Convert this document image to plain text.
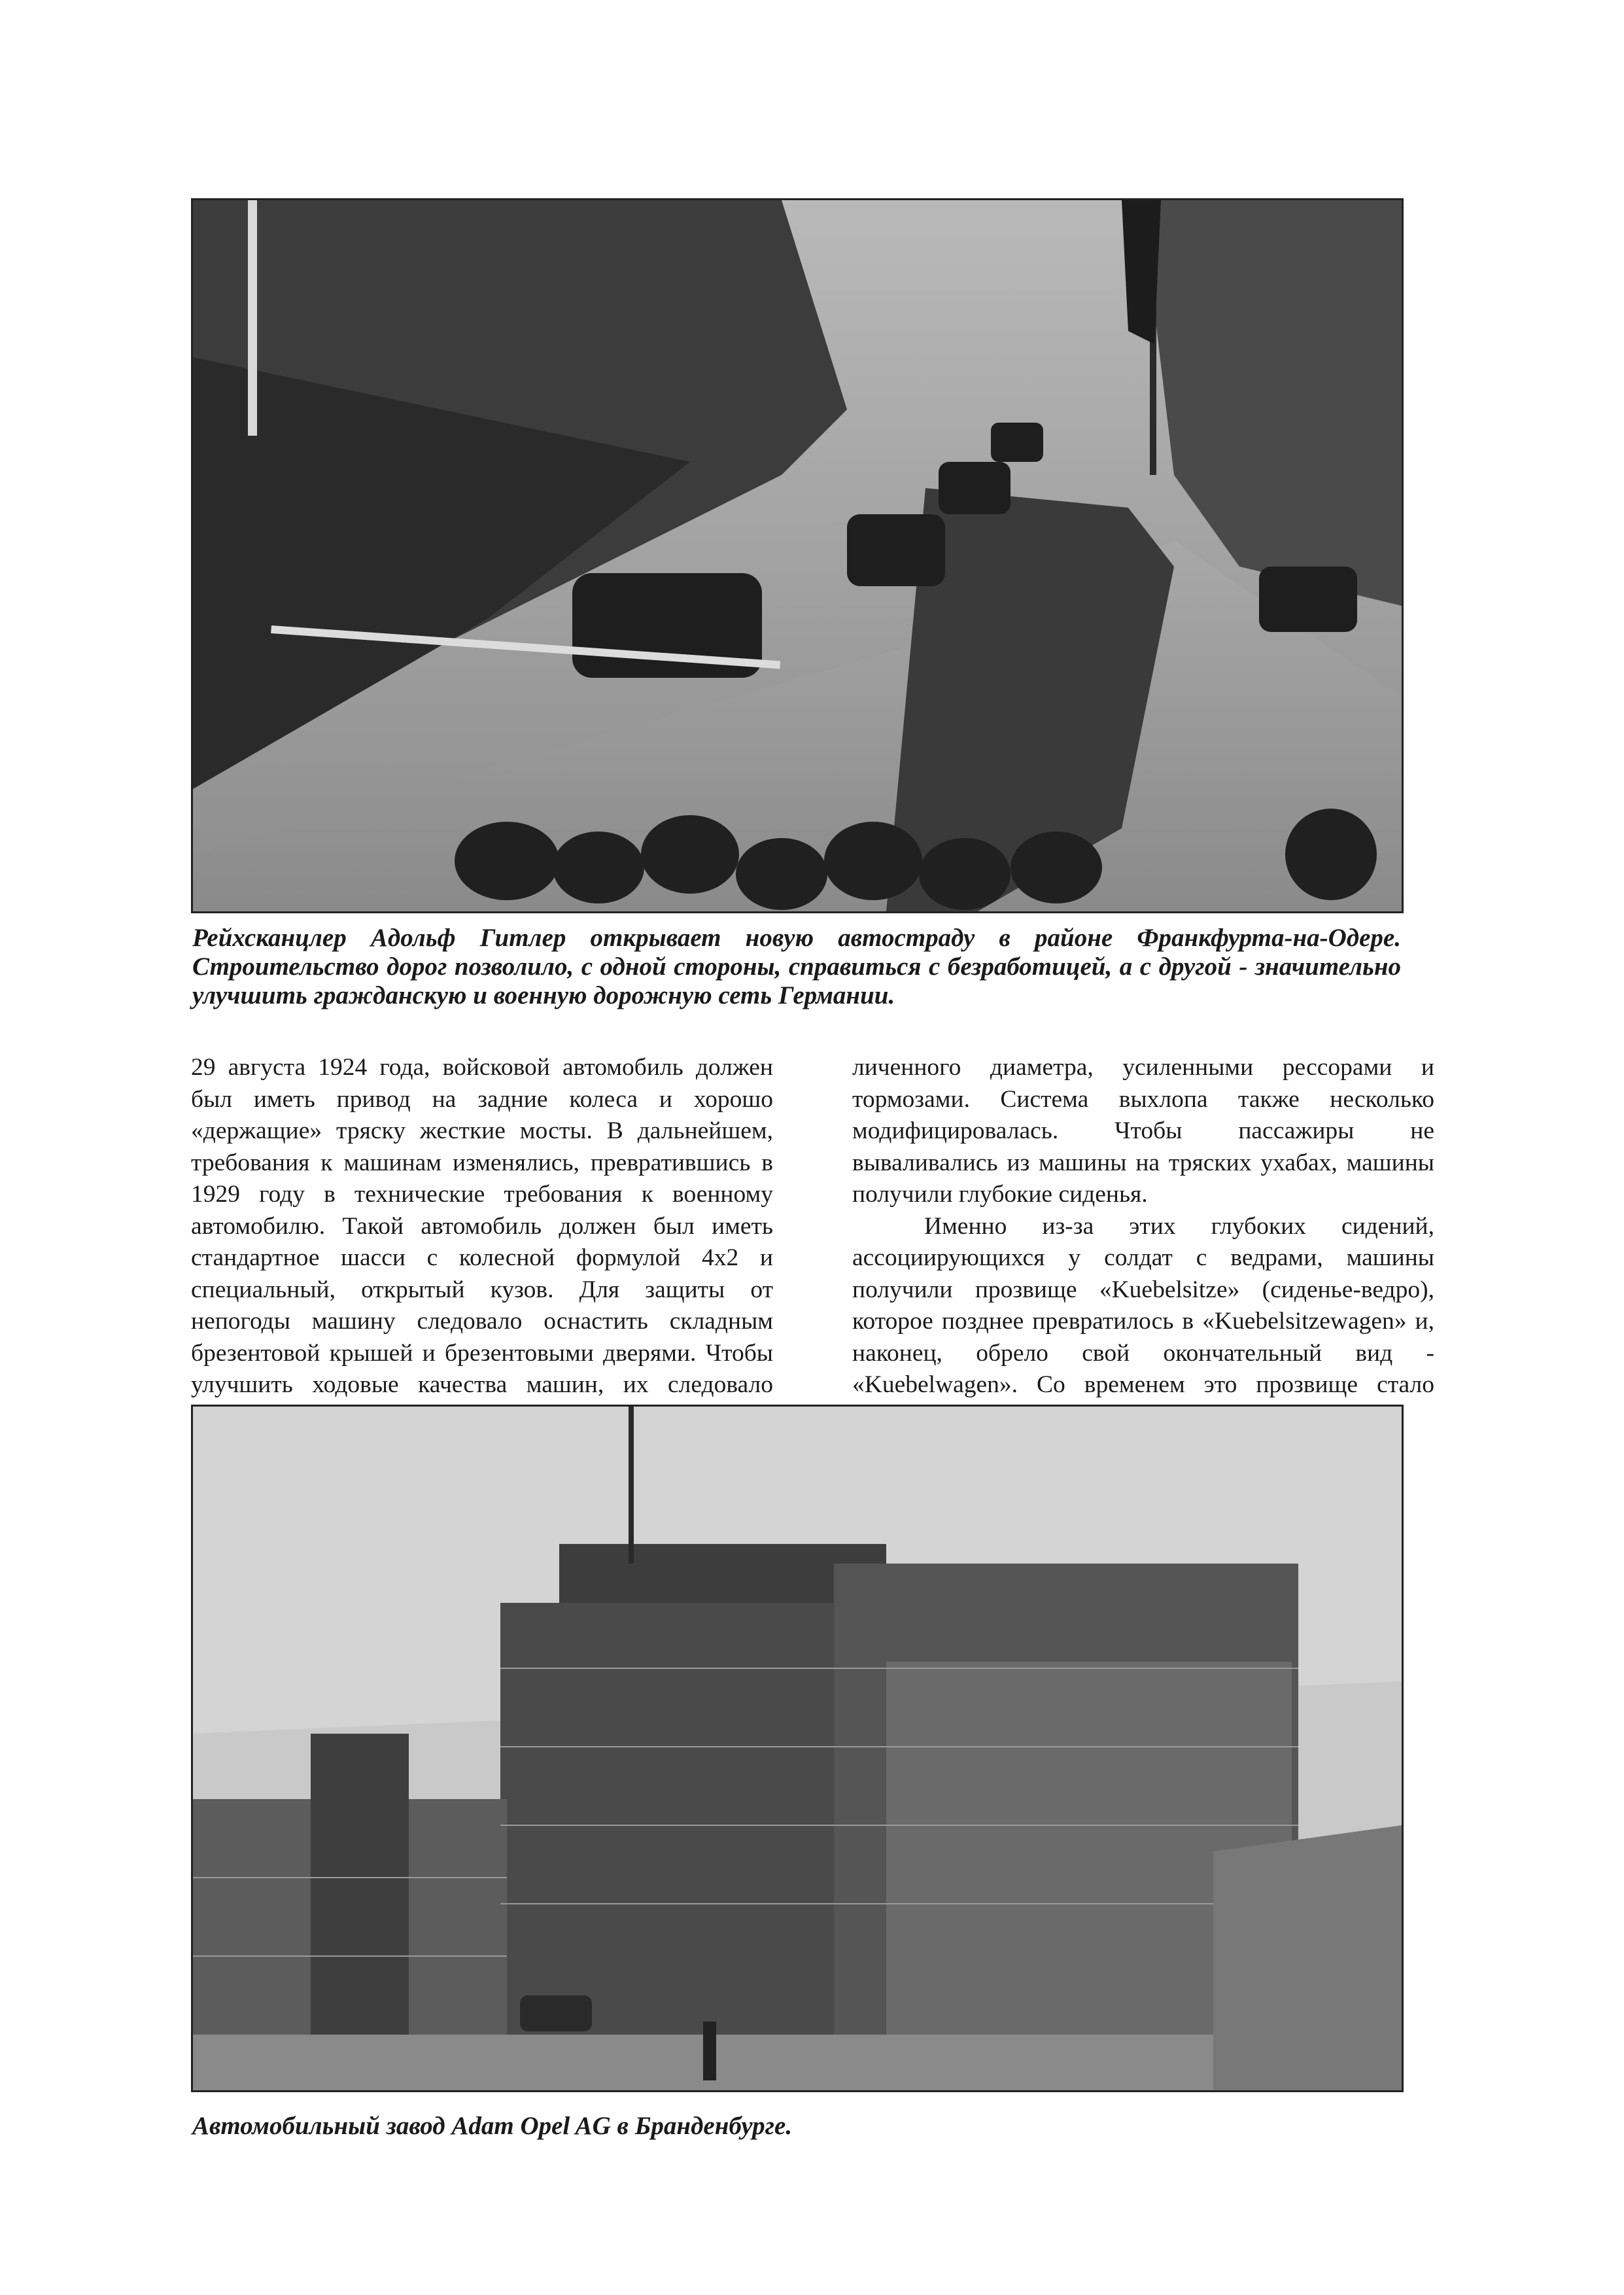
Рейхсканцлер Адольф Гитлер открывает новую автостраду в районе Франкфурта-на-Одере. Строительство дорог позволило, с одной стороны, справиться с безработицей, а с другой - значительно улучшить гражданскую и военную дорожную сеть Германии.

29 августа 1924 года, войсковой автомобиль должен был иметь привод на задние колеса и хорошо «держащие» тряску жесткие мосты. В дальнейшем, требования к машинам изменялись, превратившись в 1929 году в технические требования к военному автомобилю. Такой автомобиль должен был иметь стандартное шасси с колесной формулой 4х2 и специальный, открытый кузов. Для защиты от непогоды машину следовало оснастить складным брезентовой крышей и брезентовыми дверями. Чтобы улучшить ходовые качества машин, их следовало

личенного диаметра, усиленными рессорами и тормозами. Система выхлопа также несколько модифицировалась. Чтобы пассажиры не вываливались из машины на тряских ухабах, машины получили глубокие сиденья.

Именно из-за этих глубоких сидений, ассоциирующихся у солдат с ведрами, машины получили прозвище «Kuebelsitze» (сиденье-ведро), которое позднее превратилось в «Kuebelsitzewagen» и, наконец, обрело свой окончательный вид - «Kuebelwagen». Со временем это прозвище стало

Автомобильный завод Adam Opel AG в Бранденбурге.
